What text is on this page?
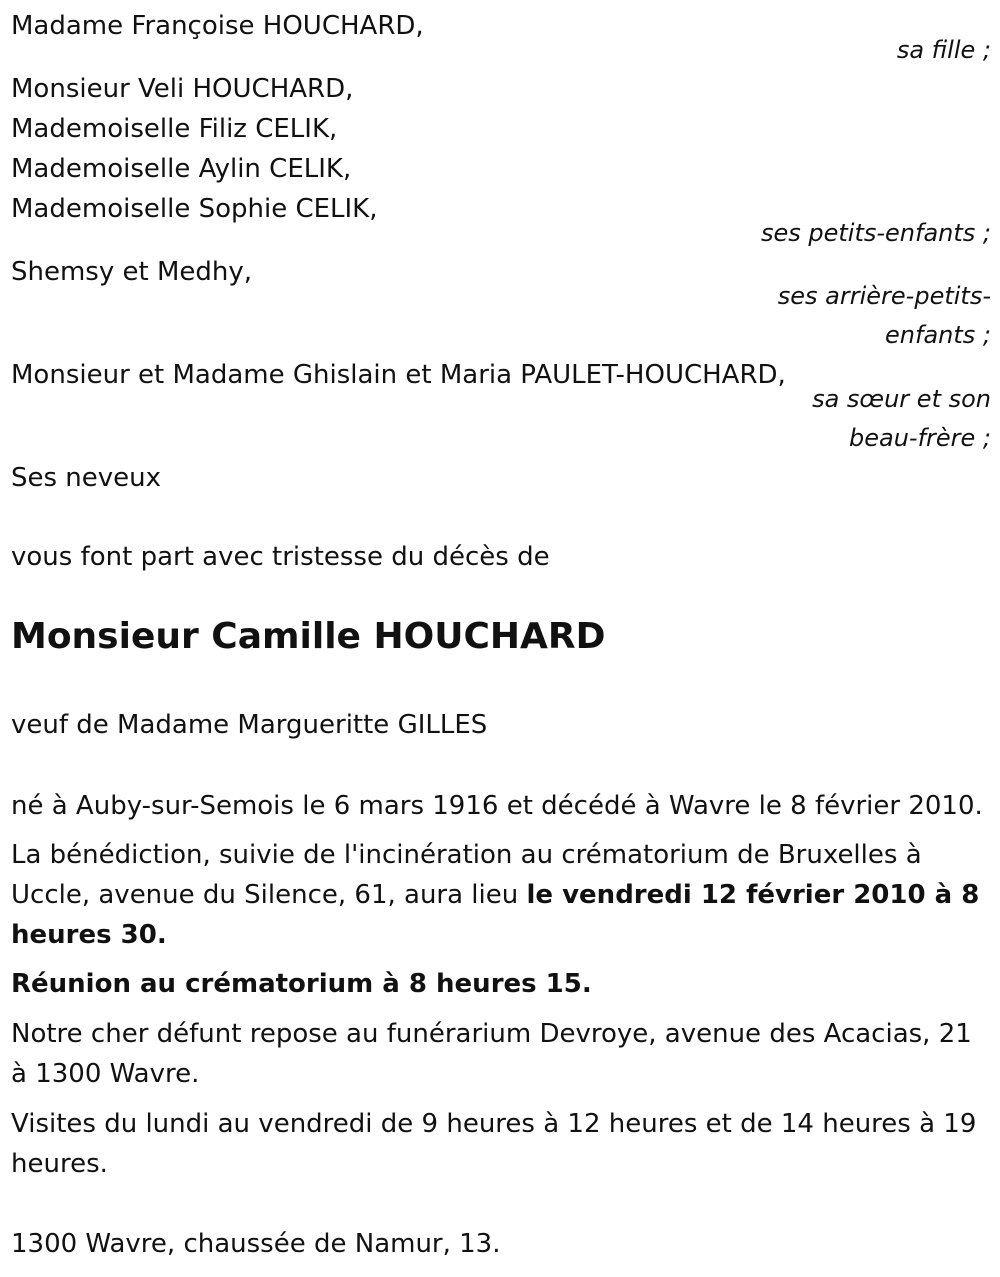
Madame Françoise HOUCHARD,
sa fille ;
Monsieur Veli HOUCHARD,
Mademoiselle Filiz CELIK,
Mademoiselle Aylin CELIK,
Mademoiselle Sophie CELIK,
ses petits-enfants ;
Shemsy et Medhy,
ses arrière-petits-
enfants ;
Monsieur et Madame Ghislain et Maria PAULET-HOUCHARD,
sa sœur et son
beau-frère ;
Ses neveux
vous font part avec tristesse du décès de
Monsieur Camille HOUCHARD
veuf de Madame Margueritte GILLES
né à Auby-sur-Semois le 6 mars 1916 et décédé à Wavre le 8 février 2010.
La bénédiction, suivie de l'incinération au crématorium de Bruxelles à
Uccle, avenue du Silence, 61, aura lieu le vendredi 12 février 2010 à 8
heures 30.
Réunion au crématorium à 8 heures 15.
Notre cher défunt repose au funérarium Devroye, avenue des Acacias, 21
à 1300 Wavre.
Visites du lundi au vendredi de 9 heures à 12 heures et de 14 heures à 19
heures.
1300 Wavre, chaussée de Namur, 13.
